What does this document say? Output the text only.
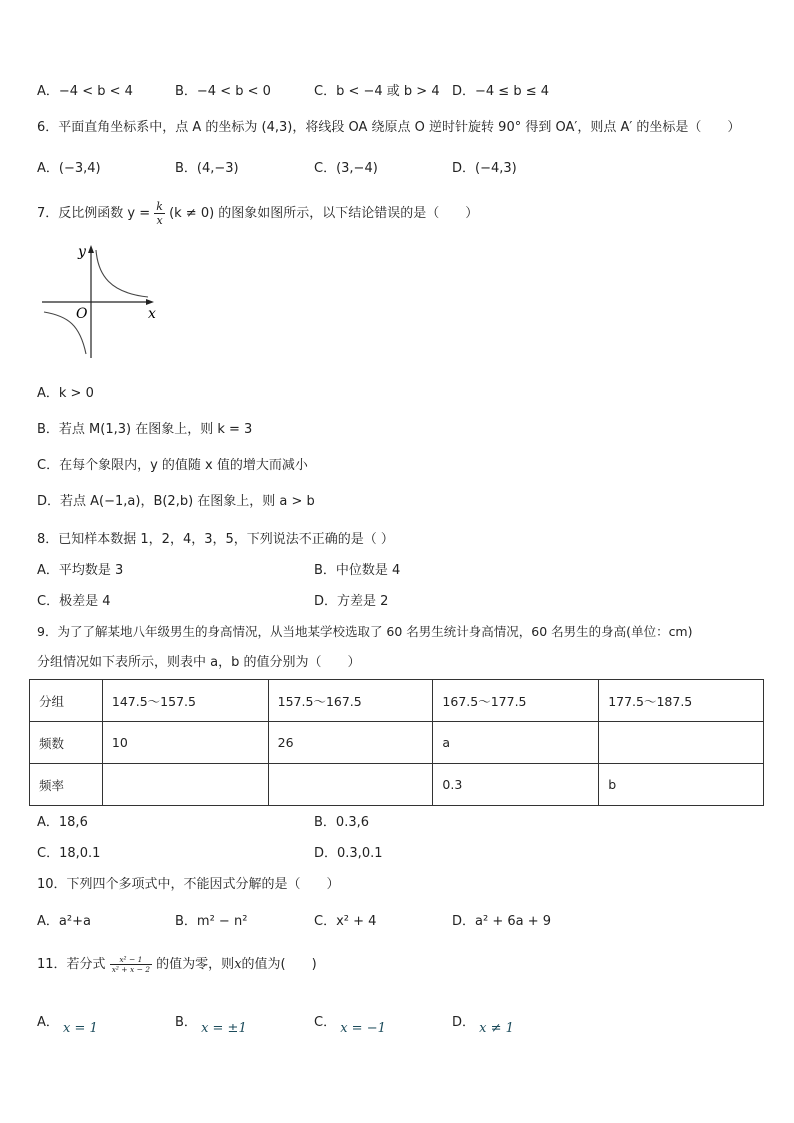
A．−4 < b < 4	B．−4 < b < 0	C．b < −4 或 b > 4 D．−4 ≤ b ≤ 4
6．平面直角坐标系中，点 A 的坐标为 (4,3)，将线段 OA 绕原点 O 逆时针旋转 90° 得到 OA′，则点 A′ 的坐标是（　　）
A．(−3,4)	B．(4,−3)	C．(3,−4)	D．(−4,3)
7．反比例函数 $y = \frac{k}{x} (k \ne 0)$ 的图象如图所示，以下结论错误的是（　　）
y
x
O
A．k > 0
B．若点 M(1,3) 在图象上，则 k = 3
C．在每个象限内，y 的值随 x 值的增大而减小
D．若点 A(−1,a)，B(2,b) 在图象上，则 a > b
8．已知样本数据 1，2，4，3，5，下列说法不正确的是（ ）
A．平均数是 3	B．中位数是 4
C．极差是 4	D．方差是 2
9．为了了解某地八年级男生的身高情况，从当地某学校选取了 60 名男生统计身高情况，60 名男生的身高(单位：cm)
分组情况如下表所示，则表中 a，b 的值分别为（　　）
分组	147.5～157.5	157.5～167.5	167.5～177.5	177.5～187.5
频数	10	26	a	
频率			0.3	b
A．18,6	B．0.3,6
C．18,0.1	D．0.3,0.1
10．下列四个多项式中，不能因式分解的是（　　）
A．a²+a	B．m² − n²	C．x² + 4	D．a² + 6a + 9
11．若分式 $\frac{\text{x² − 1}}{\text{x² + x − 2}}$ 的值为零，则x的值为(　　)
A． x = 1	B． x = ±1	C． x = −1	D． x ≠ 1
